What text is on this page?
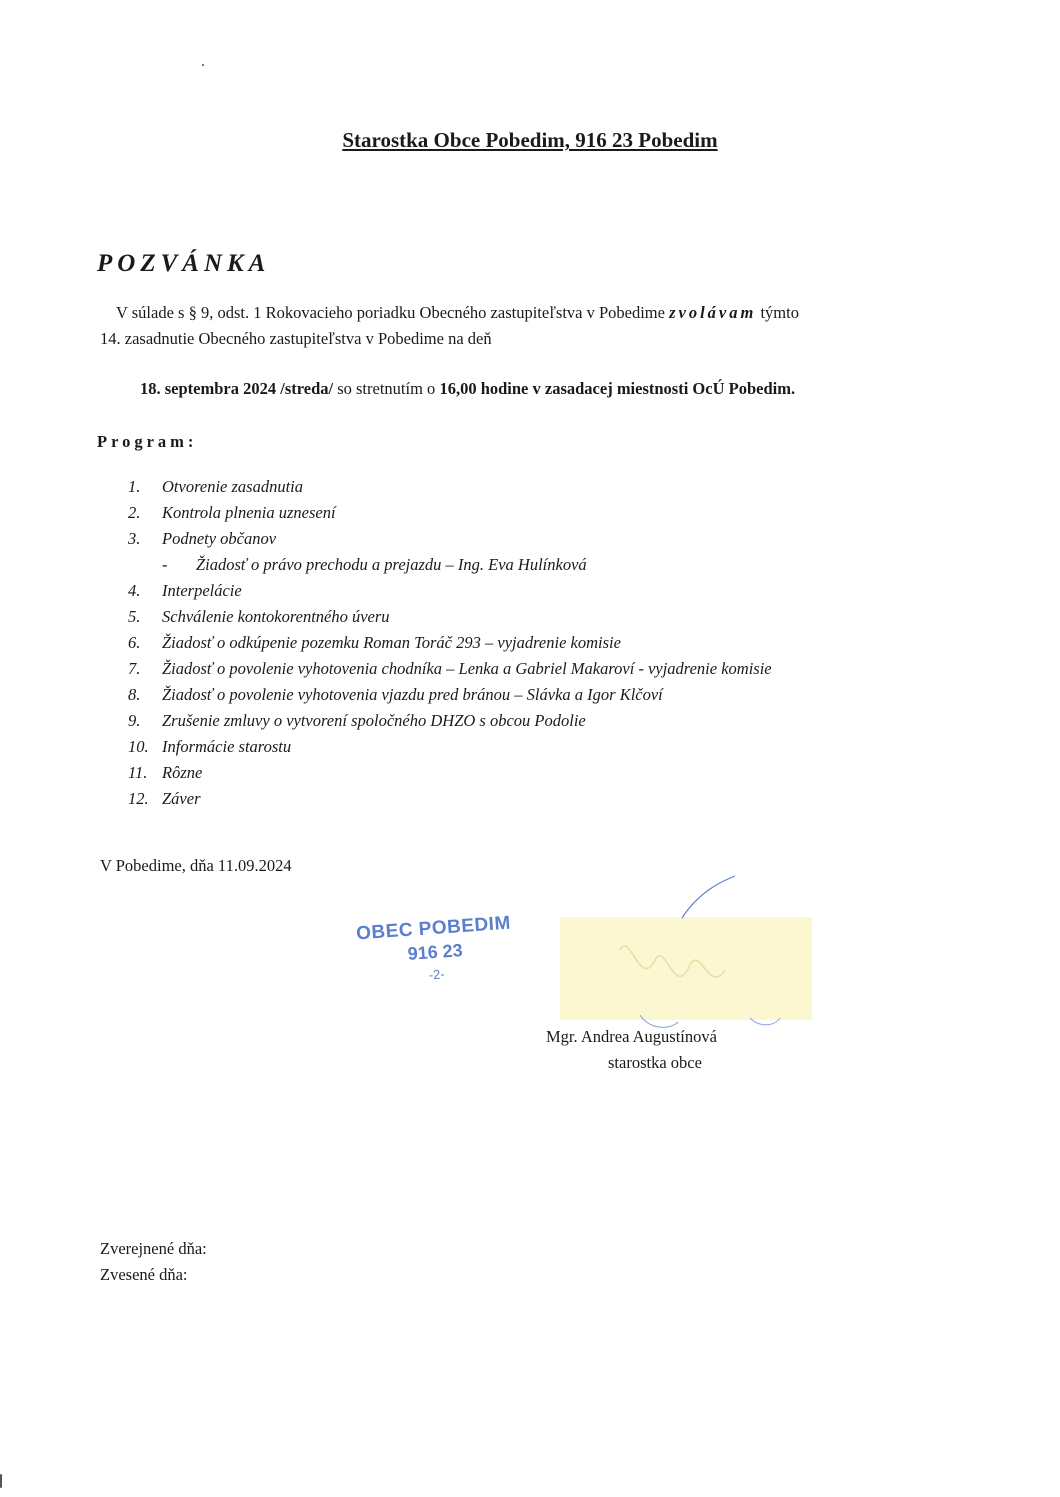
Starostka Obce Pobedim, 916 23 Pobedim
POZVÁNKA
V súlade s § 9, odst. 1 Rokovacieho poriadku Obecného zastupiteľstva v Pobedime zvolávam týmto
14. zasadnutie Obecného zastupiteľstva v Pobedime na deň
18. septembra 2024 /streda/ so stretnutím o 16,00 hodine v zasadacej miestnosti OcÚ Pobedim.
Program:
1. Otvorenie zasadnutia
2. Kontrola plnenia uznesení
3. Podnety občanov
- Žiadosť o právo prechodu a prejazdu – Ing. Eva Hulínková
4. Interpelácie
5. Schválenie kontokorentného úveru
6. Žiadosť o odkúpenie pozemku Roman Toráč 293 – vyjadrenie komisie
7. Žiadosť o povolenie vyhotovenia chodníka – Lenka a Gabriel Makaroví - vyjadrenie komisie
8. Žiadosť o povolenie vyhotovenia vjazdu pred bránou – Slávka a Igor Klčoví
9. Zrušenie zmluvy o vytvorení spoločného DHZO s obcou Podolie
10. Informácie starostu
11. Rôzne
12. Záver
V Pobedime, dňa 11.09.2024
OBEC POBEDIM
916 23
-2-
Mgr. Andrea Augustínová
starostka obce
Zverejnené dňa:
Zvesené dňa:
